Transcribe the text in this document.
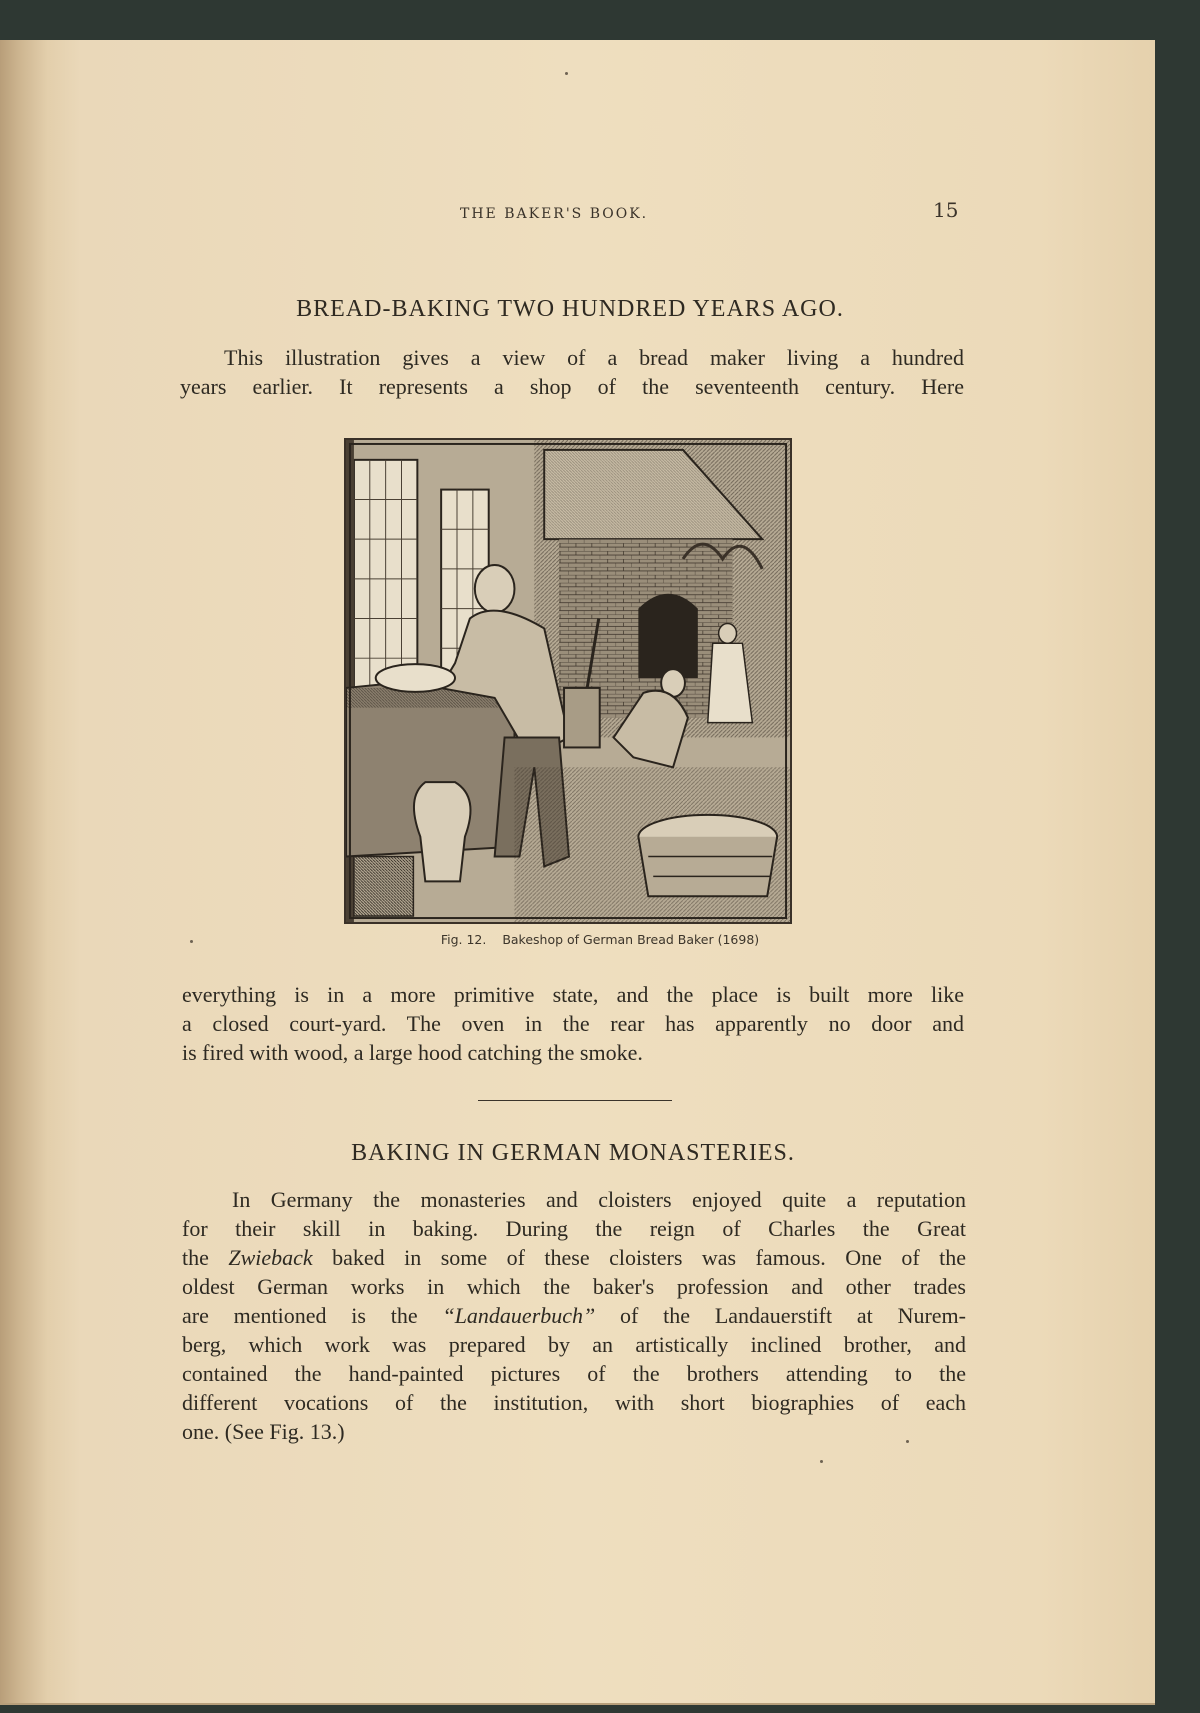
THE BAKER'S BOOK.	15
BREAD-BAKING TWO HUNDRED YEARS AGO.
This illustration gives a view of a bread maker living a hundred
years earlier. It represents a shop of the seventeenth century. Here
Fig. 12. Bakeshop of German Bread Baker (1698)
everything is in a more primitive state, and the place is built more like
a closed court-yard. The oven in the rear has apparently no door and
is fired with wood, a large hood catching the smoke.
BAKING IN GERMAN MONASTERIES.
In Germany the monasteries and cloisters enjoyed quite a reputation
for their skill in baking. During the reign of Charles the Great
the Zwieback baked in some of these cloisters was famous. One of the
oldest German works in which the baker's profession and other trades
are mentioned is the “Landauerbuch” of the Landauerstift at Nurem-
berg, which work was prepared by an artistically inclined brother, and
contained the hand-painted pictures of the brothers attending to the
different vocations of the institution, with short biographies of each
one. (See Fig. 13.)
